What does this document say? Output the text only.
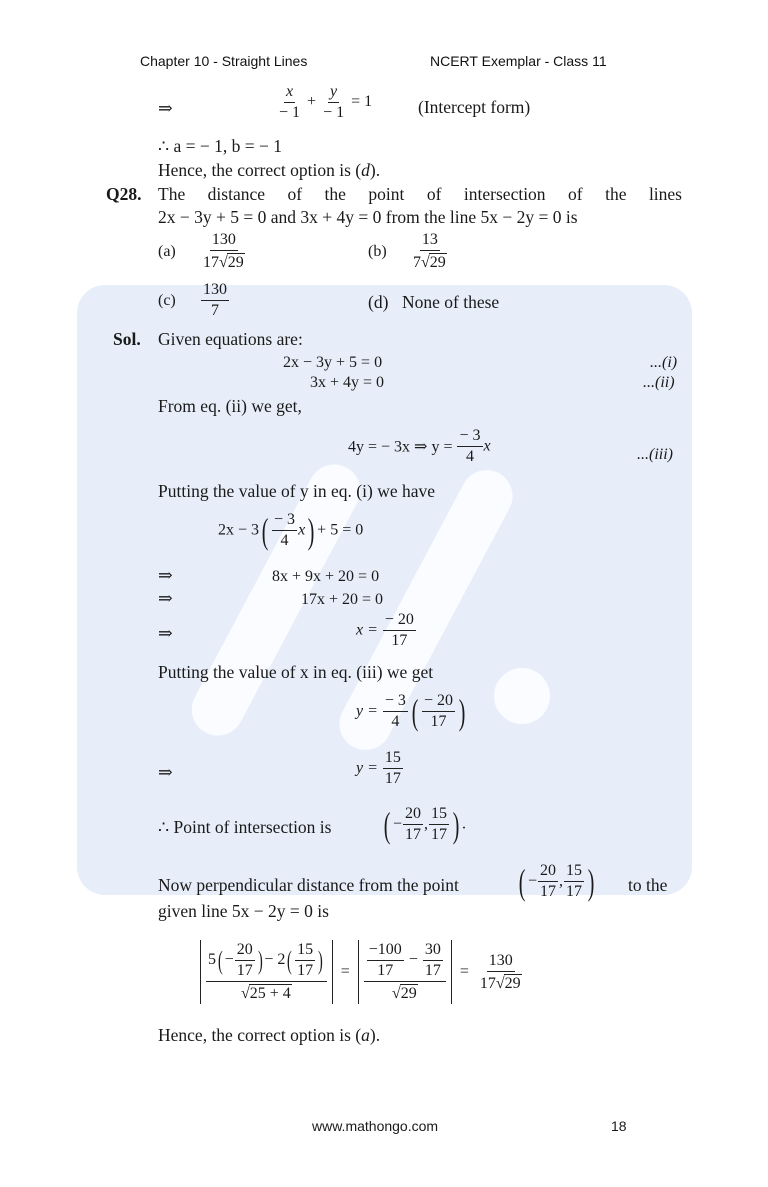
Chapter 10 - Straight Lines	NCERT Exemplar - Class 11
⇒	$\frac{x}{- 1} + \frac{y}{- 1} = 1$	(Intercept form)
∴ a = − 1, b = − 1
Hence, the correct option is (d).
Q28. The distance of the point of intersection of the lines
2x − 3y + 5 = 0 and 3x + 4y = 0 from the line 5x − 2y = 0 is
$(a) \frac{130}{17√29}$	$(b) \frac{13}{7√29}$
$(c) \frac{130}{7}$	(d) None of these
Sol. Given equations are:
2x − 3y + 5 = 0	...(i)
3x + 4y = 0	...(ii)
From eq. (ii) we get,
4y = − 3x ⇒ $y = \frac{- 3}{4}$ x	...(iii)
Putting the value of y in eq. (i) we have
$2x - 3( \frac{- 3}{4} x) + 5 = 0$
⇒	8x + 9x + 20 = 0
⇒	17x + 20 = 0
⇒	$x = \frac{- 20}{17}$
Putting the value of x in eq. (iii) we get
$y = \frac{- 3}{4}$ ( $\frac{- 20}{17}$ )
⇒	$y = \frac{15}{17}$
∴ Point of intersection is ( − $\frac{20}{17}$ , $\frac{15}{17}$ ) .
Now perpendicular distance from the point ( − $\frac{20}{17}$ , $\frac{15}{17}$ ) to the
given line 5x − 2y = 0 is
$\frac{5( - \frac{20}{17} ) - 2( \frac{15}{17} )}{√25 + 4} = \frac{\frac{-100}{17} - \frac{30}{17}}{√29} = \frac{130}{17√29}$
Hence, the correct option is (a).
www.mathongo.com	18
